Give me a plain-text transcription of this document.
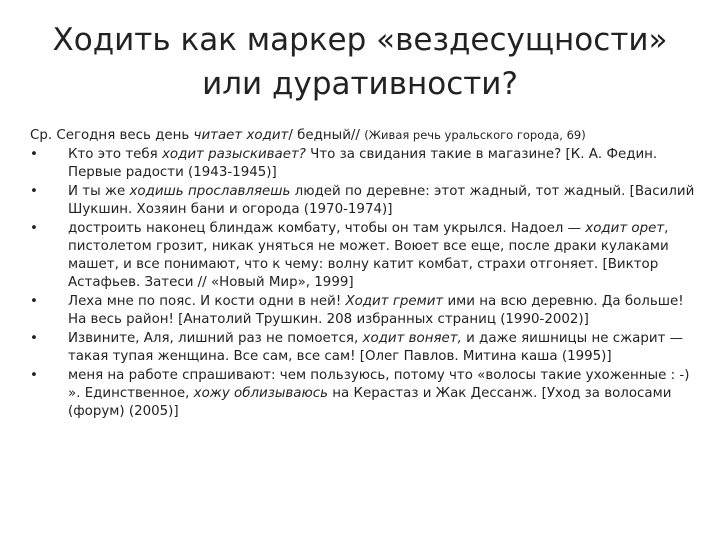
Ходить как маркер «вездесущности»
или дуративности?

Ср. Сегодня весь день читает ходит/ бедный// (Живая речь уральского города, 69)

•	Кто это тебя ходит разыскивает? Что за свидания такие в магазине? [К. А. Федин. Первые радости (1943-1945)]
•	И ты же ходишь прославляешь людей по деревне: этот жадный, тот жадный. [Василий Шукшин. Хозяин бани и огорода (1970-1974)]
•	достроить наконец блиндаж комбату, чтобы он там укрылся. Надоел — ходит орет, пистолетом грозит, никак уняться не может. Воюет все еще, после драки кулаками машет, и все понимают, что к чему: волну катит комбат, страхи отгоняет. [Виктор Астафьев. Затеси // «Новый Мир», 1999]
•	Леха мне по пояс. И кости одни в ней! Ходит гремит ими на всю деревню. Да больше! На весь район! [Анатолий Трушкин. 208 избранных страниц (1990-2002)]
•	Извините, Аля, лишний раз не помоется, ходит воняет, и даже яишницы не сжарит — такая тупая женщина. Все сам, все сам! [Олег Павлов. Митина каша (1995)]
•	меня на работе спрашивают: чем пользуюсь, потому что «волосы такие ухоженные : -) ». Единственное, хожу облизываюсь на Керастаз и Жак Дессанж. [Уход за волосами (форум) (2005)]
